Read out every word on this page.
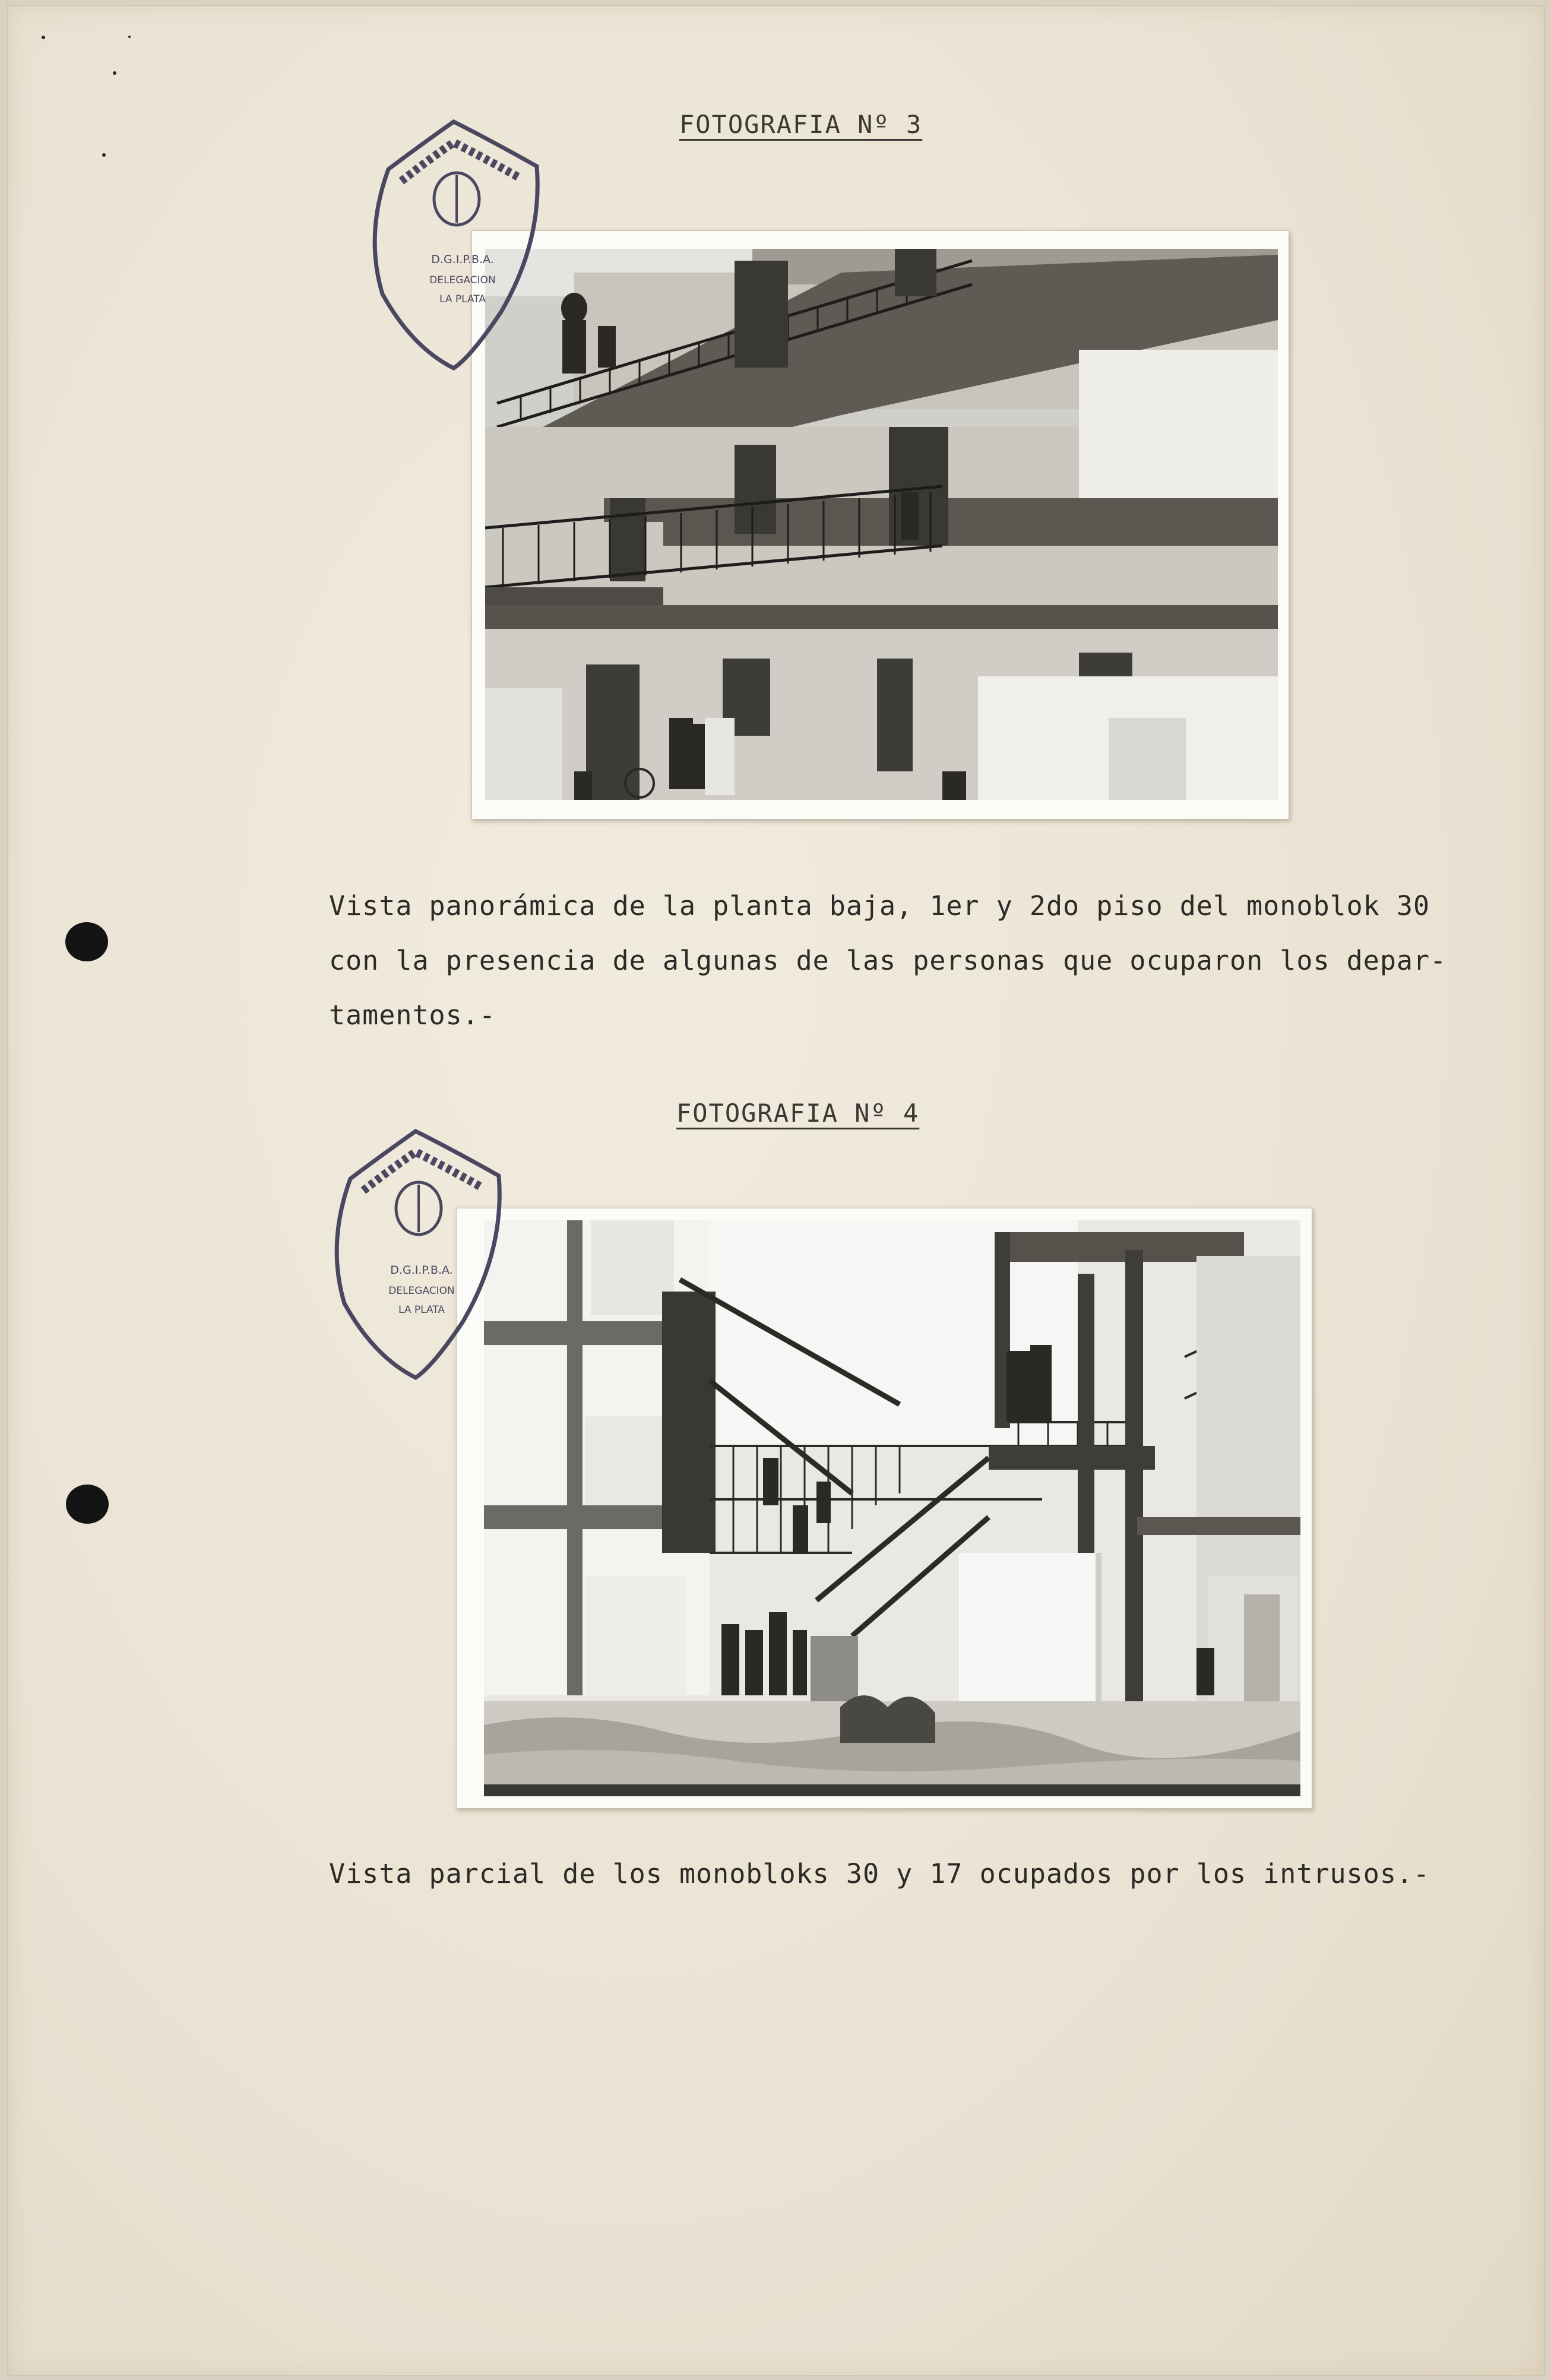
FOTOGRAFIA Nº 3
D.G.I.P.B.A.
DELEGACION
LA PLATA
Vista panorámica de la planta baja, 1er y 2do piso del monoblok 30
con la presencia de algunas de las personas que ocuparon los depar-
tamentos.-
FOTOGRAFIA Nº 4
D.G.I.P.B.A.
DELEGACION
LA PLATA
Vista parcial de los monobloks 30 y 17 ocupados por los intrusos.-
